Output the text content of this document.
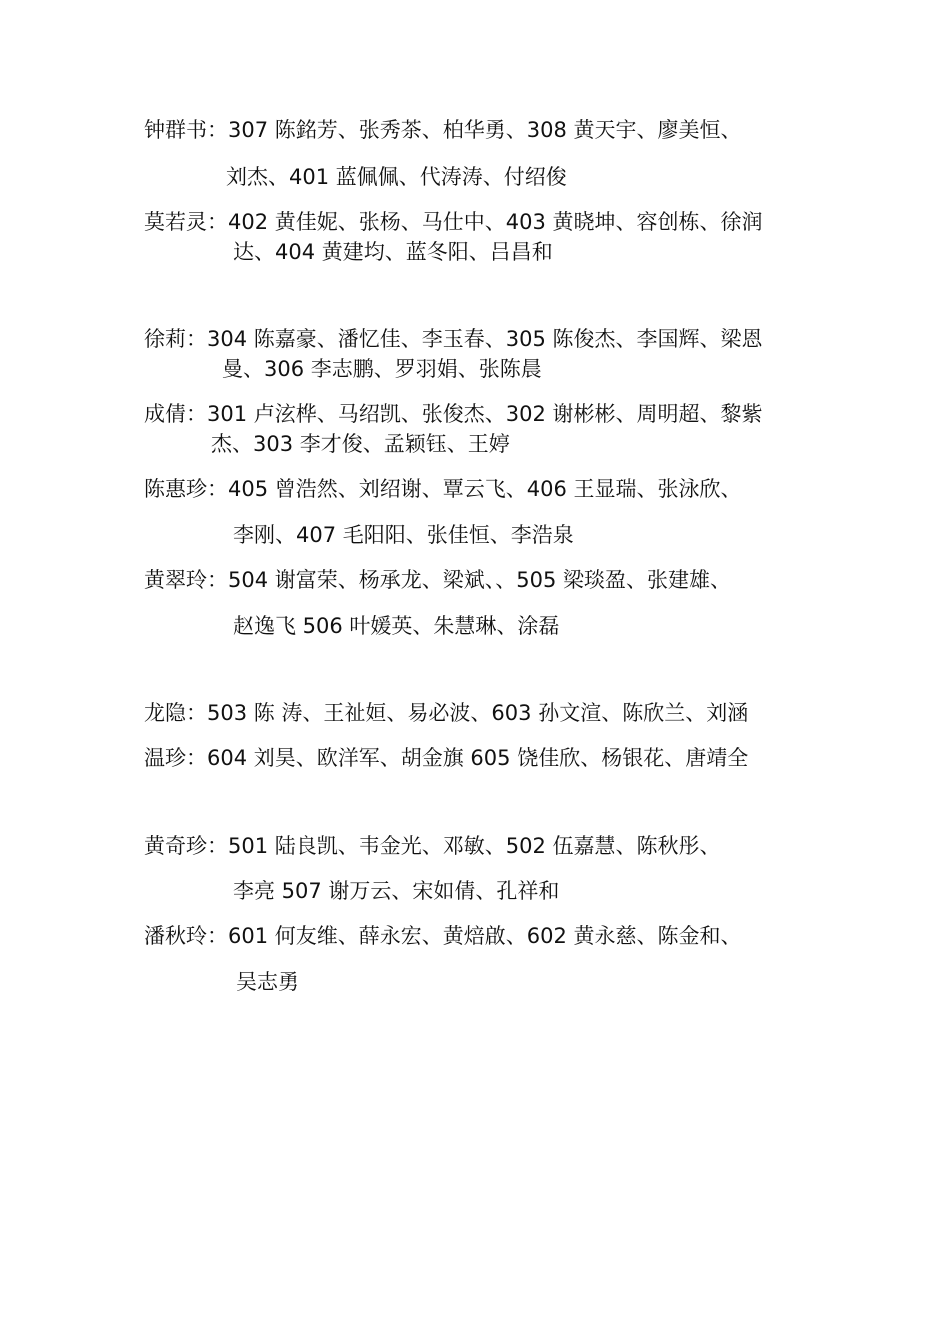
钟群书：307 陈銘芳、张秀茶、柏华勇、308 黄天宇、廖美恒、
刘杰、401 蓝佩佩、代涛涛、付绍俊
莫若灵：402 黄佳妮、张杨、马仕中、403 黄晓坤、容创栋、徐润
达、404 黄建均、蓝冬阳、吕昌和
徐莉：304 陈嘉豪、潘忆佳、李玉春、305 陈俊杰、李国辉、梁恩
曼、306 李志鹏、罗羽娟、张陈晨
成倩：301 卢泫桦、马绍凯、张俊杰、302 谢彬彬、周明超、黎紫
杰、303 李才俊、孟颖钰、王婷
陈惠珍：405 曾浩然、刘绍谢、覃云飞、406 王显瑞、张泳欣、
李刚、407 毛阳阳、张佳恒、李浩泉
黄翠玲：504 谢富荣、杨承龙、梁斌、、505 梁琰盈、张建雄、
赵逸飞 506 叶媛英、朱慧琳、涂磊
龙隐：503 陈 涛、王祉姮、易必波、603 孙文渲、陈欣兰、刘涵
温珍：604 刘昊、欧洋军、胡金旗 605 饶佳欣、杨银花、唐靖全
黄奇珍：501 陆良凯、韦金光、邓敏、502 伍嘉慧、陈秋彤、
李亮 507 谢万云、宋如倩、孔祥和
潘秋玲：601 何友维、薛永宏、黄焙啟、602 黄永慈、陈金和、
吴志勇
